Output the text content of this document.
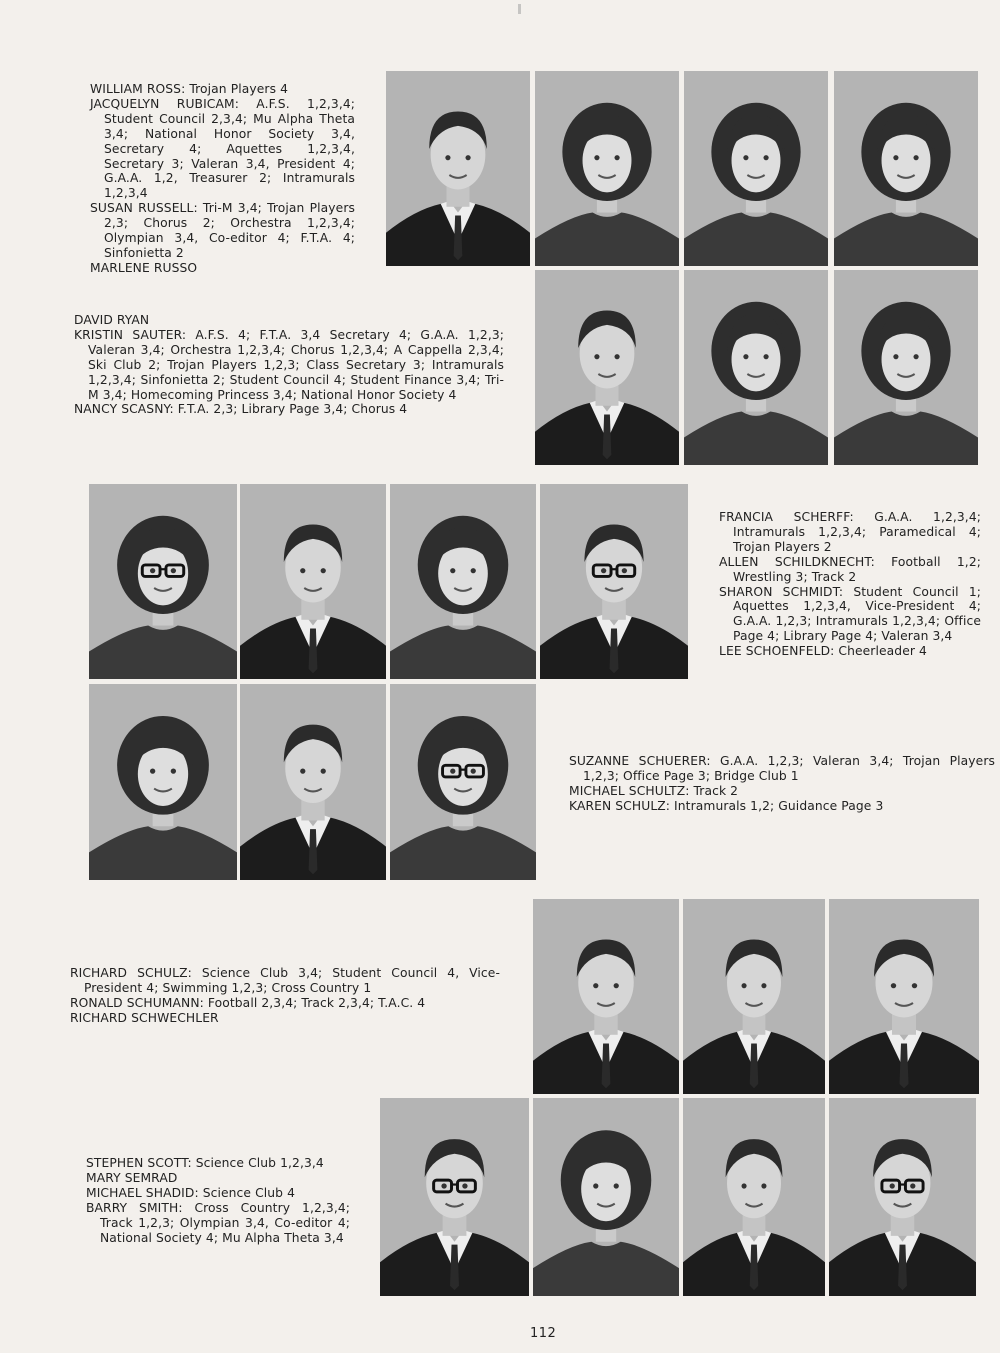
WILLIAM ROSS: Trojan Players 4
JACQUELYN RUBICAM: A.F.S. 1,2,3,4; Student Council 2,3,4; Mu Alpha Theta 3,4; National Honor Society 3,4, Secretary 4; Aquettes 1,2,3,4, Secretary 3; Valeran 3,4, President 4; G.A.A. 1,2, Treasurer 2; Intramurals 1,2,3,4
SUSAN RUSSELL: Tri-M 3,4; Trojan Players 2,3; Chorus 2; Orchestra 1,2,3,4; Olympian 3,4, Co-editor 4; F.T.A. 4; Sinfonietta 2
MARLENE RUSSO
DAVID RYAN
KRISTIN SAUTER: A.F.S. 4; F.T.A. 3,4 Secretary 4; G.A.A. 1,2,3; Valeran 3,4; Orchestra 1,2,3,4; Chorus 1,2,3,4; A Cappella 2,3,4; Ski Club 2; Trojan Players 1,2,3; Class Secretary 3; Intramurals 1,2,3,4; Sinfonietta 2; Student Council 4; Student Finance 3,4; Tri-M 3,4; Homecoming Princess 3,4; National Honor Society 4
NANCY SCASNY: F.T.A. 2,3; Library Page 3,4; Chorus 4
FRANCIA SCHERFF: G.A.A. 1,2,3,4; Intramurals 1,2,3,4; Paramedical 4; Trojan Players 2
ALLEN SCHILDKNECHT: Football 1,2; Wrestling 3; Track 2
SHARON SCHMIDT: Student Council 1; Aquettes 1,2,3,4, Vice-President 4; G.A.A. 1,2,3; Intramurals 1,2,3,4; Office Page 4; Library Page 4; Valeran 3,4
LEE SCHOENFELD: Cheerleader 4
SUZANNE SCHUERER: G.A.A. 1,2,3; Valeran 3,4; Trojan Players 1,2,3; Office Page 3; Bridge Club 1
MICHAEL SCHULTZ: Track 2
KAREN SCHULZ: Intramurals 1,2; Guidance Page 3
RICHARD SCHULZ: Science Club 3,4; Student Council 4, Vice-President 4; Swimming 1,2,3; Cross Country 1
RONALD SCHUMANN: Football 2,3,4; Track 2,3,4; T.A.C. 4
RICHARD SCHWECHLER
STEPHEN SCOTT: Science Club 1,2,3,4
MARY SEMRAD
MICHAEL SHADID: Science Club 4
BARRY SMITH: Cross Country 1,2,3,4; Track 1,2,3; Olympian 3,4, Co-editor 4; National Society 4; Mu Alpha Theta 3,4
112
